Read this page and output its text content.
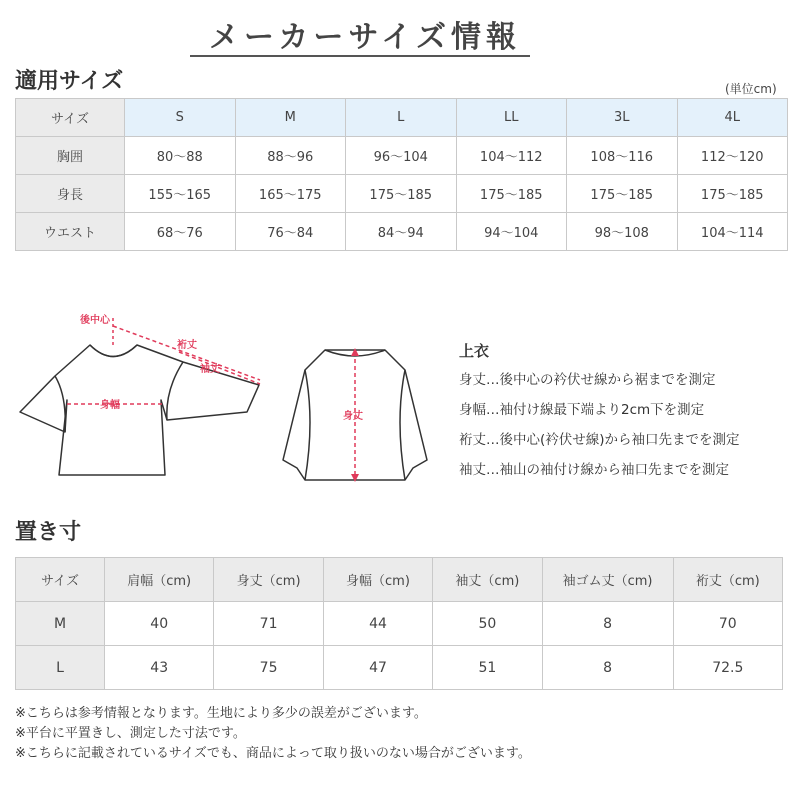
メーカーサイズ情報
適用サイズ	(単位cm)
サイズ	S	M	L	LL	3L	4L
胸囲	80～88	88～96	96～104	104～112	108～116	112～120
身長	155～165	165～175	175～185	175～185	175～185	175～185
ウエスト	68～76	76～84	84～94	94～104	98～108	104～114
後中心
裄丈
袖丈
身幅
身丈
上衣
身丈…後中心の衿伏せ線から裾までを測定
身幅…袖付け線最下端より2cm下を測定
裄丈…後中心(衿伏せ線)から袖口先までを測定
袖丈…袖山の袖付け線から袖口先までを測定
置き寸
サイズ	肩幅（cm)	身丈（cm)	身幅（cm)	袖丈（cm)	袖ゴム丈（cm)	裄丈（cm)
M	40	71	44	50	8	70
L	43	75	47	51	8	72.5
※こちらは参考情報となります。生地により多少の誤差がございます。
※平台に平置きし、測定した寸法です。
※こちらに記載されているサイズでも、商品によって取り扱いのない場合がございます。
